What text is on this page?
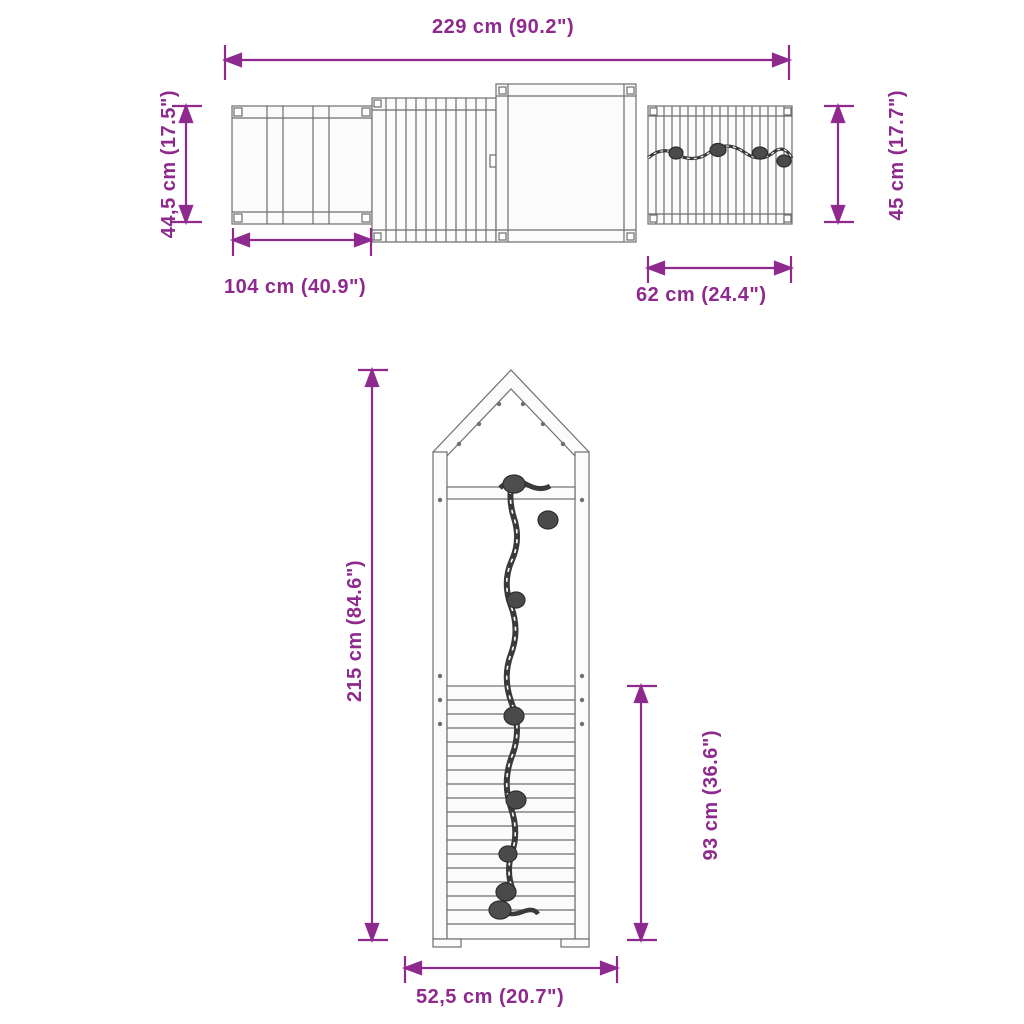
229 cm (90.2")
44,5 cm (17.5")	45 cm (17.7")
104 cm (40.9")	62 cm (24.4")
215 cm (84.6")
93 cm (36.6")
52,5 cm (20.7")
